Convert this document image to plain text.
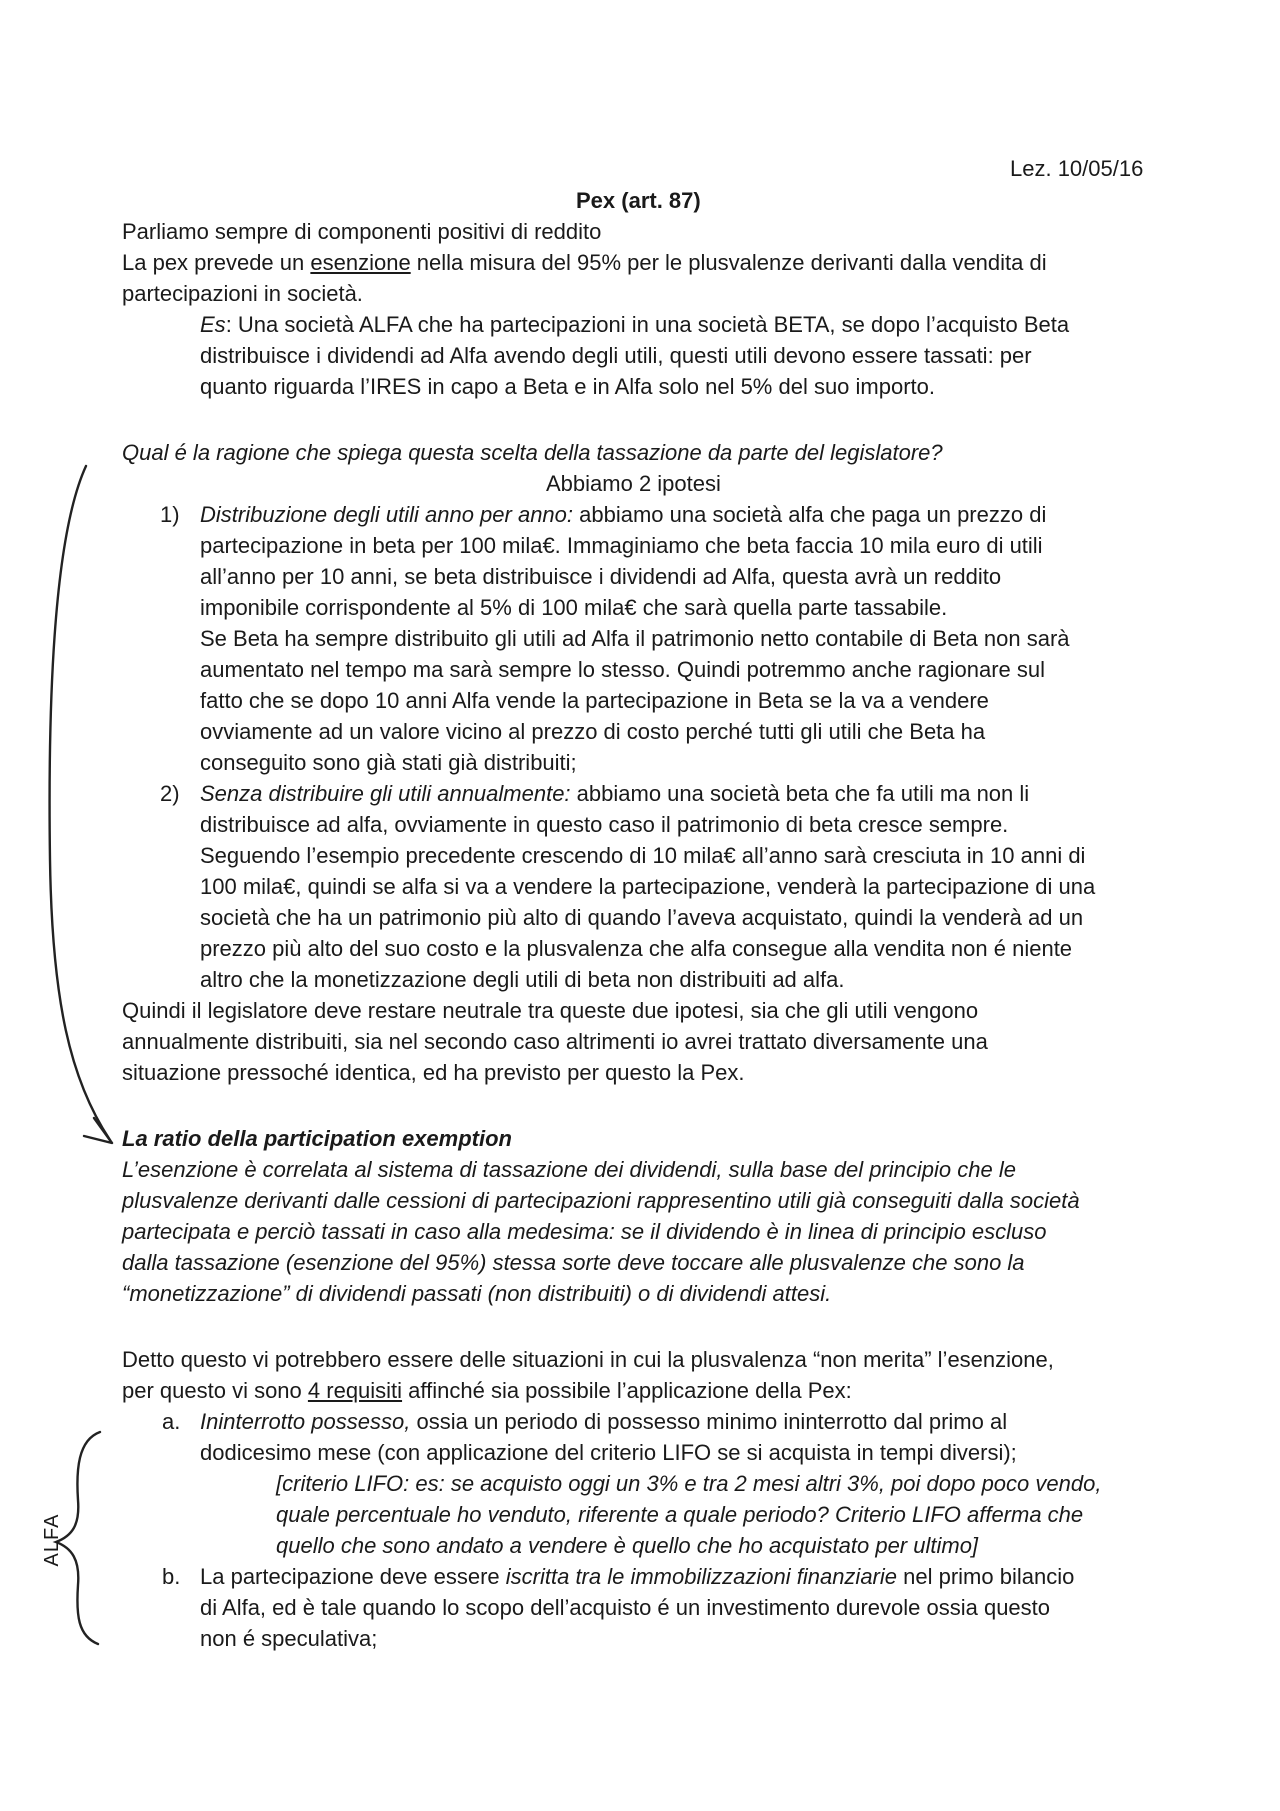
ALFA
Lez. 10/05/16
Pex (art. 87)
Parliamo sempre di componenti positivi di reddito
La pex prevede un esenzione nella misura del 95% per le plusvalenze derivanti dalla vendita di
partecipazioni in società.
Es: Una società ALFA che ha partecipazioni in una società BETA, se dopo l’acquisto Beta
distribuisce i dividendi ad Alfa avendo degli utili, questi utili devono essere tassati: per
quanto riguarda l’IRES in capo a Beta e in Alfa solo nel 5% del suo importo.
Qual é la ragione che spiega questa scelta della tassazione da parte del legislatore?
Abbiamo 2 ipotesi
1) Distribuzione degli utili anno per anno: abbiamo una società alfa che paga un prezzo di
partecipazione in beta per 100 mila€. Immaginiamo che beta faccia 10 mila euro di utili
all’anno per 10 anni, se beta distribuisce i dividendi ad Alfa, questa avrà un reddito
imponibile corrispondente al 5% di 100 mila€ che sarà quella parte tassabile.
Se Beta ha sempre distribuito gli utili ad Alfa il patrimonio netto contabile di Beta non sarà
aumentato nel tempo ma sarà sempre lo stesso. Quindi potremmo anche ragionare sul
fatto che se dopo 10 anni Alfa vende la partecipazione in Beta se la va a vendere
ovviamente ad un valore vicino al prezzo di costo perché tutti gli utili che Beta ha
conseguito sono già stati già distribuiti;
2) Senza distribuire gli utili annualmente: abbiamo una società beta che fa utili ma non li
distribuisce ad alfa, ovviamente in questo caso il patrimonio di beta cresce sempre.
Seguendo l’esempio precedente crescendo di 10 mila€ all’anno sarà cresciuta in 10 anni di
100 mila€, quindi se alfa si va a vendere la partecipazione, venderà la partecipazione di una
società che ha un patrimonio più alto di quando l’aveva acquistato, quindi la venderà ad un
prezzo più alto del suo costo e la plusvalenza che alfa consegue alla vendita non é niente
altro che la monetizzazione degli utili di beta non distribuiti ad alfa.
Quindi il legislatore deve restare neutrale tra queste due ipotesi, sia che gli utili vengono
annualmente distribuiti, sia nel secondo caso altrimenti io avrei trattato diversamente una
situazione pressoché identica, ed ha previsto per questo la Pex.
La ratio della participation exemption
L’esenzione è correlata al sistema di tassazione dei dividendi, sulla base del principio che le
plusvalenze derivanti dalle cessioni di partecipazioni rappresentino utili già conseguiti dalla società
partecipata e perciò tassati in caso alla medesima: se il dividendo è in linea di principio escluso
dalla tassazione (esenzione del 95%) stessa sorte deve toccare alle plusvalenze che sono la
“monetizzazione” di dividendi passati (non distribuiti) o di dividendi attesi.
Detto questo vi potrebbero essere delle situazioni in cui la plusvalenza “non merita” l’esenzione,
per questo vi sono 4 requisiti affinché sia possibile l’applicazione della Pex:
a. Ininterrotto possesso, ossia un periodo di possesso minimo ininterrotto dal primo al
dodicesimo mese (con applicazione del criterio LIFO se si acquista in tempi diversi);
[criterio LIFO: es: se acquisto oggi un 3% e tra 2 mesi altri 3%, poi dopo poco vendo,
quale percentuale ho venduto, riferente a quale periodo? Criterio LIFO afferma che
quello che sono andato a vendere è quello che ho acquistato per ultimo]
b. La partecipazione deve essere iscritta tra le immobilizzazioni finanziarie nel primo bilancio
di Alfa, ed è tale quando lo scopo dell’acquisto é un investimento durevole ossia questo
non é speculativa;
